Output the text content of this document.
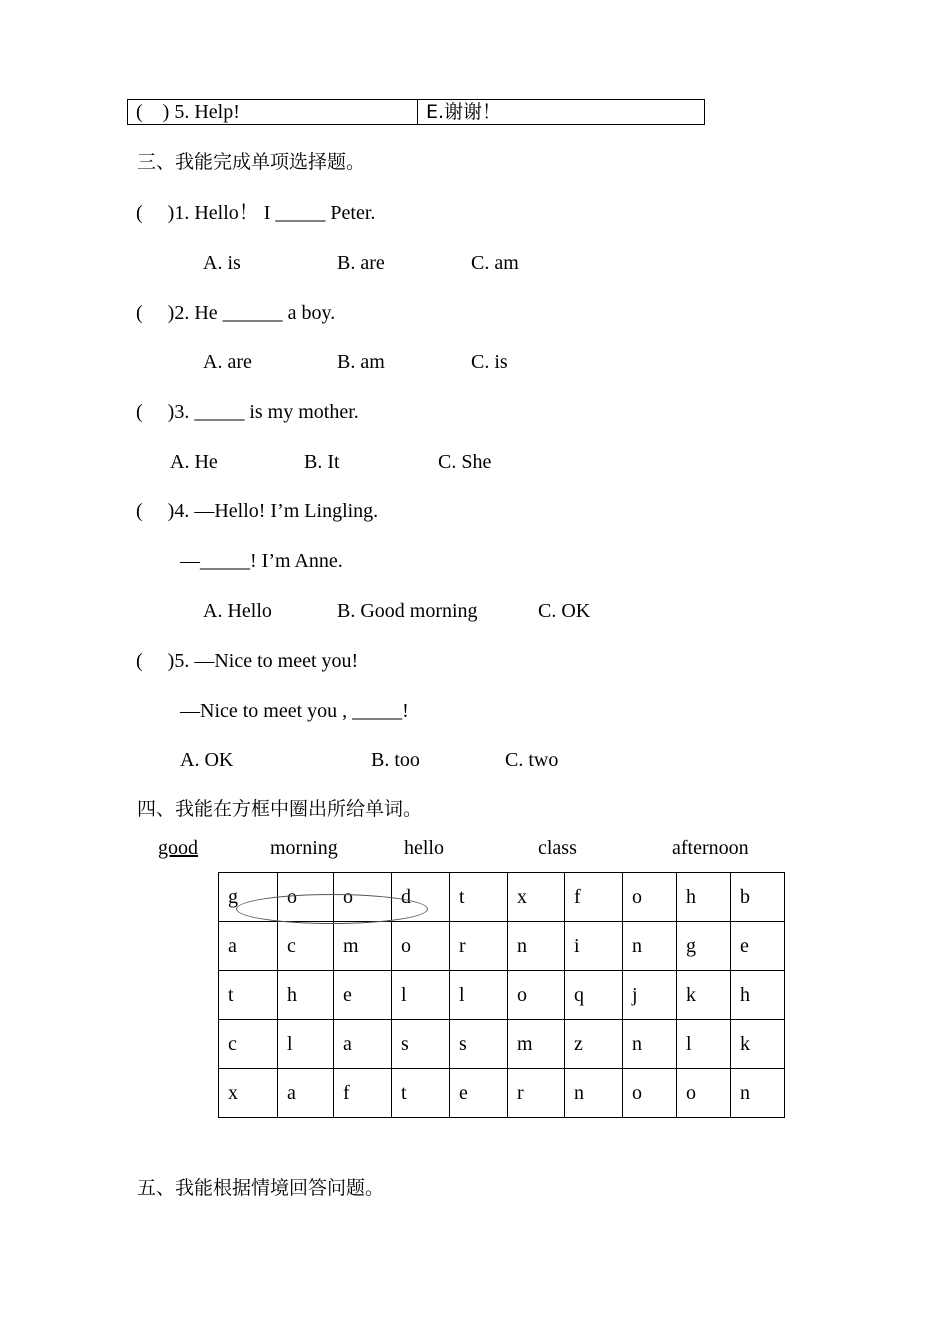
(    ) 5. Help!	E.谢谢！
三、我能完成单项选择题。
(     )1. Hello！ I _____ Peter.
A. is	B. are	C. am
(     )2. He ______ a boy.
A. are	B. am	C. is
(     )3. _____ is my mother.
A. He	B. It	C. She
(     )4. —Hello! I’m Lingling.
—_____! I’m Anne.
A. Hello	B. Good morning	C. OK
(     )5. —Nice to meet you!
—Nice to meet you , _____!
A. OK	B. too	C. two
四、我能在方框中圈出所给单词。
good	morning	hello	class	afternoon
g	o	o	d	t	x	f	o	h	b
a	c	m	o	r	n	i	n	g	e
t	h	e	l	l	o	q	j	k	h
c	l	a	s	s	m	z	n	l	k
x	a	f	t	e	r	n	o	o	n
五、我能根据情境回答问题。
